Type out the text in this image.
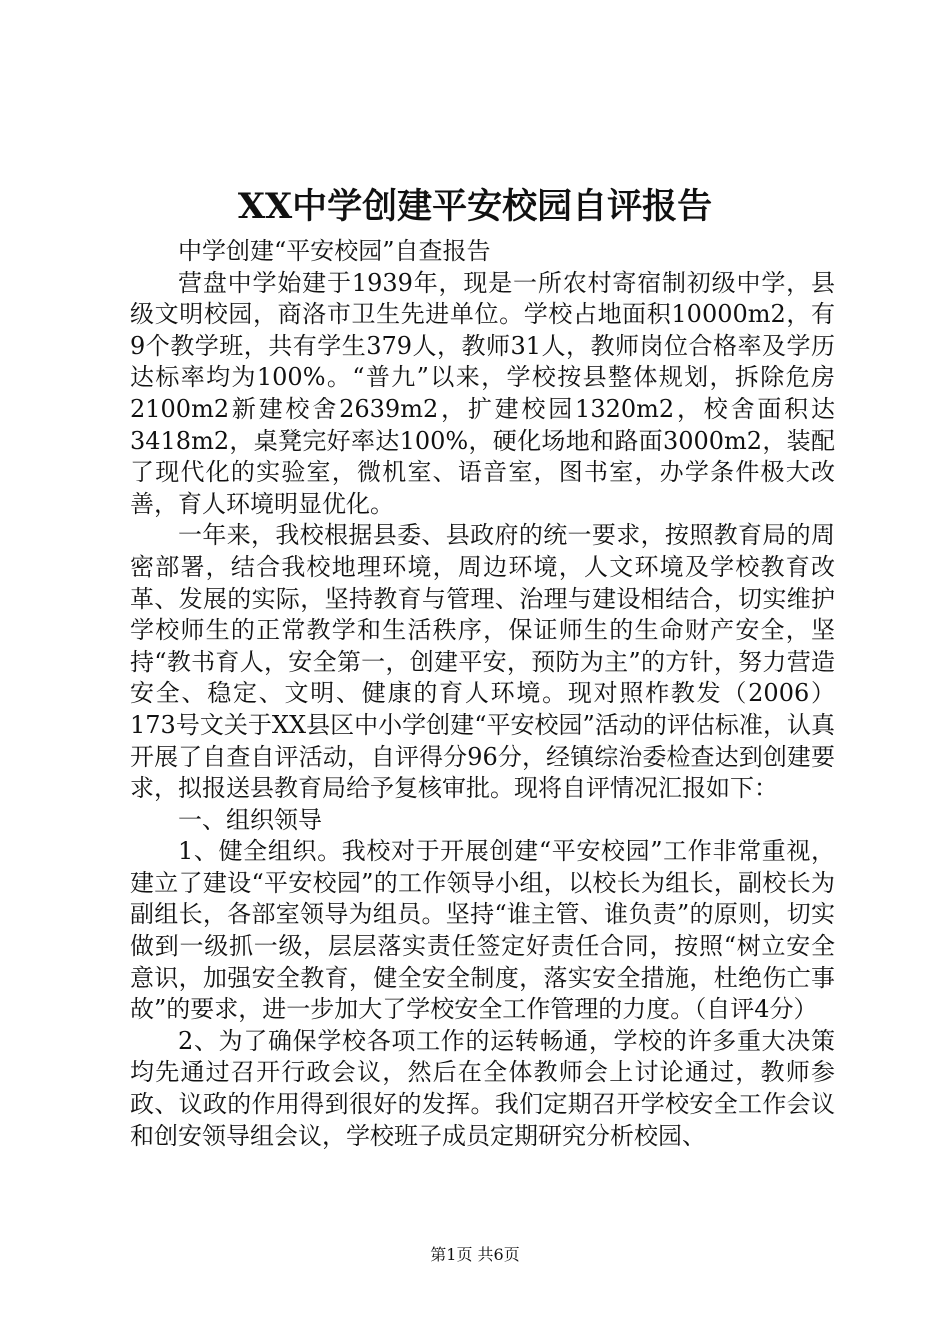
XX中学创建平安校园自评报告

中学创建“平安校园”自查报告

营盘中学始建于1939年，现是一所农村寄宿制初级中学，县级文明校园，商洛市卫生先进单位。学校占地面积10000m2，有9个教学班，共有学生379人，教师31人，教师岗位合格率及学历达标率均为100%。“普九”以来，学校按县整体规划，拆除危房2100m2新建校舍2639m2，扩建校园1320m2，校舍面积达3418m2，桌凳完好率达100%，硬化场地和路面3000m2，装配了现代化的实验室，微机室、语音室，图书室，办学条件极大改善，育人环境明显优化。

一年来，我校根据县委、县政府的统一要求，按照教育局的周密部署，结合我校地理环境，周边环境，人文环境及学校教育改革、发展的实际，坚持教育与管理、治理与建设相结合，切实维护学校师生的正常教学和生活秩序，保证师生的生命财产安全，坚持“教书育人，安全第一，创建平安，预防为主”的方针，努力营造安全、稳定、文明、健康的育人环境。现对照柞教发（2006）173号文关于XX县区中小学创建“平安校园”活动的评估标准，认真开展了自查自评活动，自评得分96分，经镇综治委检查达到创建要求，拟报送县教育局给予复核审批。现将自评情况汇报如下：

一、组织领导

1、健全组织。我校对于开展创建“平安校园”工作非常重视，建立了建设“平安校园”的工作领导小组，以校长为组长，副校长为副组长，各部室领导为组员。坚持“谁主管、谁负责”的原则，切实做到一级抓一级，层层落实责任签定好责任合同，按照“树立安全意识，加强安全教育，健全安全制度，落实安全措施，杜绝伤亡事故”的要求，进一步加大了学校安全工作管理的力度。（自评4分）

2、为了确保学校各项工作的运转畅通，学校的许多重大决策均先通过召开行政会议，然后在全体教师会上讨论通过，教师参政、议政的作用得到很好的发挥。我们定期召开学校安全工作会议和创安领导组会议，学校班子成员定期研究分析校园、

第1页 共6页
